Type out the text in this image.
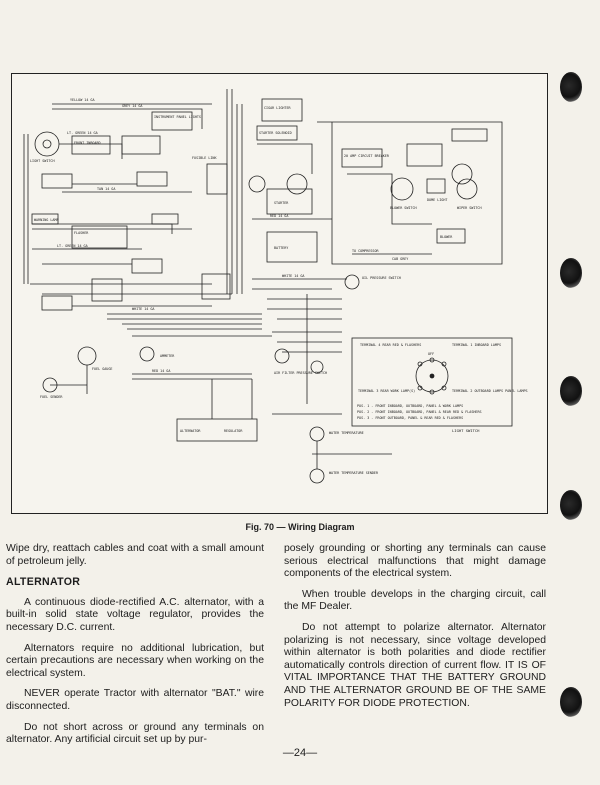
YELLOW 14 GA
GREY 14 GA
INSTRUMENT PANEL LIGHTS
LIGHT SWITCH
LT. GREEN 14 GA
FRONT INBOARD
TAN 14 GA
WARNING LAMP
FLASHER
LT. GREEN 14 GA
WHITE 14 GA
AMMETER
FUEL GAUGE
FUEL SENDER
RED 14 GA
ALTERNATOR	REGULATOR
FUSIBLE LINK
CIGAR LIGHTER
STARTER SOLENOID
STARTER
RED 14 GA
BATTERY
WHITE 14 GA	OIL PRESSURE SWITCH
AIR FILTER PRESSURE SWITCH
WATER TEMPERATURE
WATER TEMPERATURE SENDER
20 AMP CIRCUIT BREAKER
BLOWER SWITCH	WIPER SWITCH
DOME LIGHT
BLOWER
TO COMPRESSOR
CAB GREY
OFF
TERMINAL 4 REAR RED & FLASHERS	TERMINAL 1 INBOARD LAMPS
TERMINAL 3 REAR WORK LAMP(S)	TERMINAL 2 OUTBOARD LAMPS PANEL LAMPS
POS. 1 - FRONT INBOARD, OUTBOARD, PANEL & WORK LAMPS
POS. 2 - FRONT INBOARD, OUTBOARD, PANEL & REAR RED & FLASHERS
POS. 3 - FRONT OUTBOARD, PANEL & REAR RED & FLASHERS
LIGHT SWITCH
Fig. 70 — Wiring Diagram

Wipe dry, reattach cables and coat with a small amount of petroleum jelly.

ALTERNATOR

A continuous diode-rectified A.C. alternator, with a built-in solid state voltage regulator, provides the necessary D.C. current.

Alternators require no additional lubrication, but certain precautions are necessary when working on the electrical system.

NEVER operate Tractor with alternator "BAT." wire disconnected.

Do not short across or ground any terminals on alternator. Any artificial circuit set up by pur-

posely grounding or shorting any terminals can cause serious electrical malfunctions that might damage components of the electrical system.

When trouble develops in the charging circuit, call the MF Dealer.

Do not attempt to polarize alternator. Alternator polarizing is not necessary, since voltage developed within alternator is both polarities and diode rectifier automatically controls direction of current flow. IT IS OF VITAL IMPORTANCE THAT THE BATTERY GROUND AND THE ALTERNATOR GROUND BE OF THE SAME POLARITY FOR DIODE PROTECTION.

—24—
